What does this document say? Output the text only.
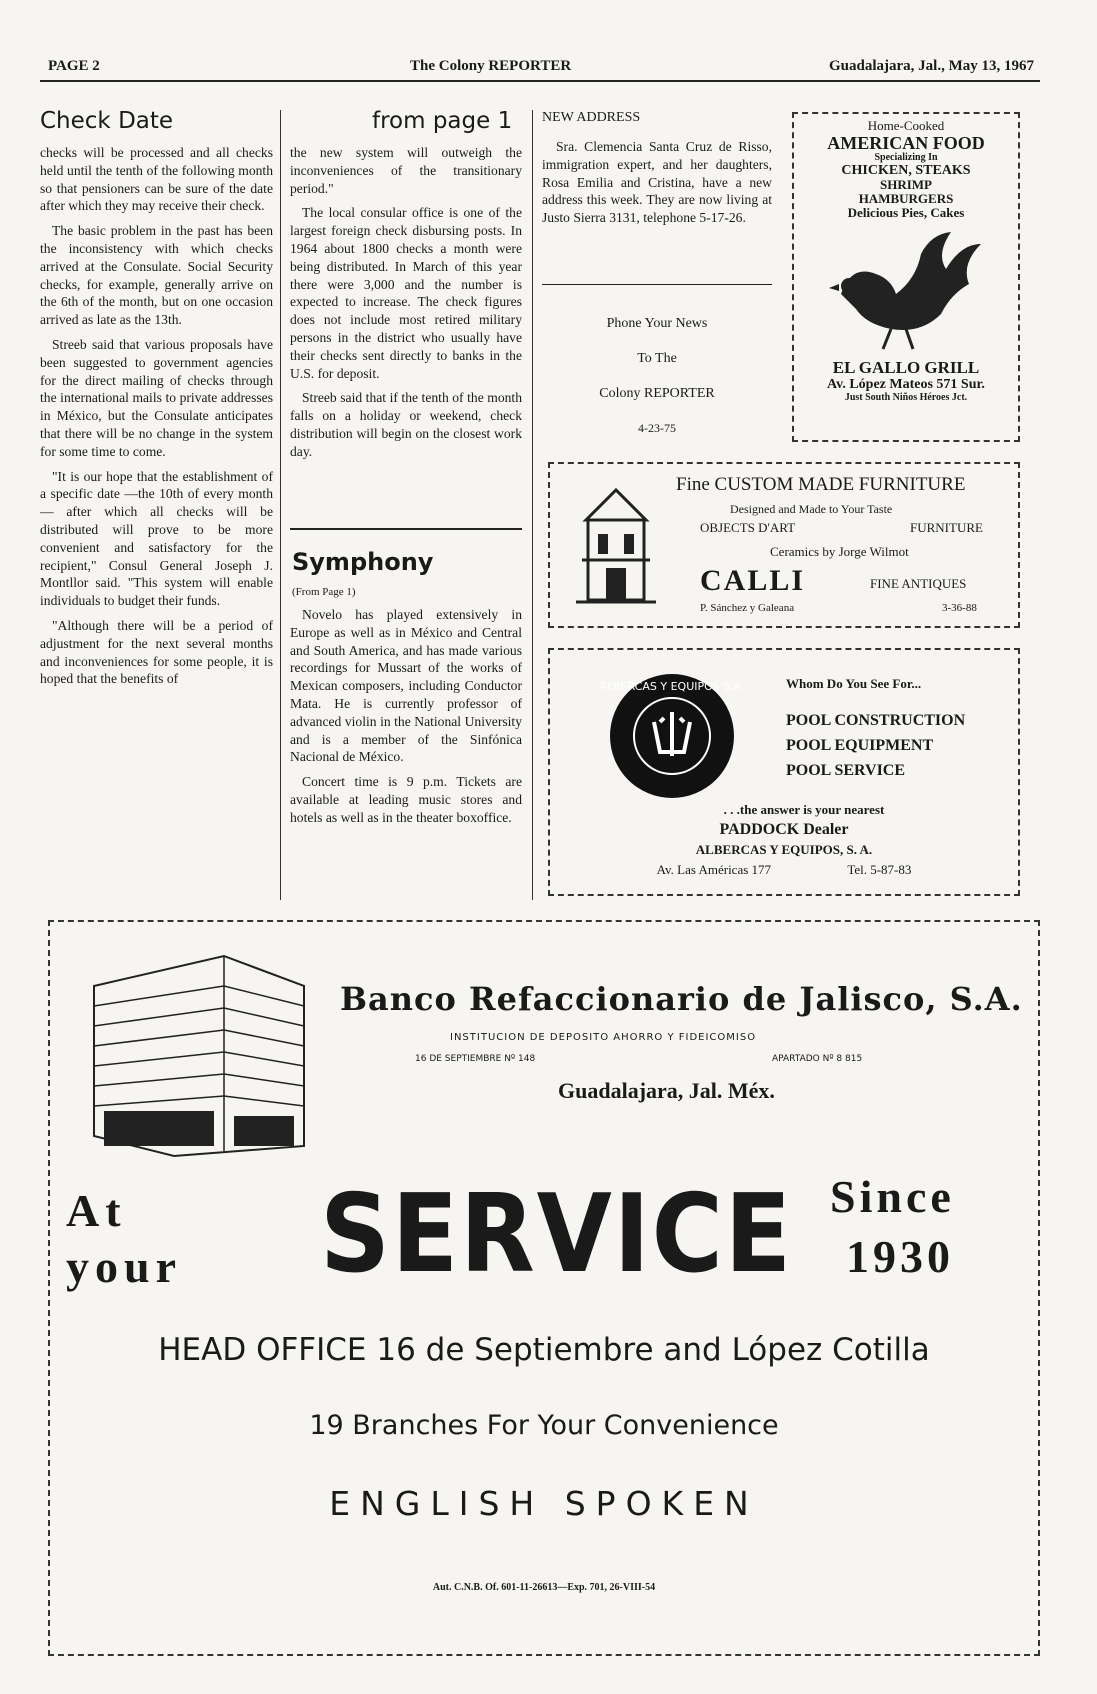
PAGE 2	The Colony REPORTER	Guadalajara, Jal., May 13, 1967
Check Date

checks will be processed and all checks held until the tenth of the following month so that pensioners can be sure of the date after which they may receive their check.

The basic problem in the past has been the inconsistency with which checks arrived at the Consulate. Social Security checks, for example, generally arrive on the 6th of the month, but on one occasion arrived as late as the 13th.

Streeb said that various proposals have been suggested to government agencies for the direct mailing of checks through the international mails to private addresses in México, but the Consulate anticipates that there will be no change in the system for some time to come.

"It is our hope that the establishment of a specific date —the 10th of every month— after which all checks will be distributed will prove to be more convenient and satisfactory for the recipient," Consul General Joseph J. Montllor said. "This system will enable individuals to budget their funds.

"Although there will be a period of adjustment for the next several months and inconveniences for some people, it is hoped that the benefits of

from page 1

the new system will outweigh the inconveniences of the transitionary period."

The local consular office is one of the largest foreign check disbursing posts. In 1964 about 1800 checks a month were being distributed. In March of this year there were 3,000 and the number is expected to increase. The check figures does not include most retired military persons in the district who usually have their checks sent directly to banks in the U.S. for deposit.

Streeb said that if the tenth of the month falls on a holiday or weekend, check distribution will begin on the closest work day.

Symphony
(From Page 1)

Novelo has played extensively in Europe as well as in México and Central and South America, and has made various recordings for Mussart of the works of Mexican composers, including Conductor Mata. He is currently professor of advanced violin in the National University and is a member of the Sinfónica Nacional de México.

Concert time is 9 p.m. Tickets are available at leading music stores and hotels as well as in the theater boxoffice.

NEW ADDRESS
Sra. Clemencia Santa Cruz de Risso, immigration expert, and her daughters, Rosa Emilia and Cristina, have a new address this week. They are now living at Justo Sierra 3131, telephone 5-17-26.
Phone Your News
To The
Colony REPORTER
4-23-75
Home-Cooked
AMERICAN FOOD
Specializing In
CHICKEN, STEAKS
SHRIMP
HAMBURGERS
Delicious Pies, Cakes
EL GALLO GRILL
Av. López Mateos 571 Sur.
Just South Niños Héroes Jct.
Fine CUSTOM MADE FURNITURE
Designed and Made to Your Taste
OBJECTS D'ART	FURNITURE
Ceramics by Jorge Wilmot
CALLI	FINE ANTIQUES
P. Sánchez y Galeana	3-36-88
ALBERCAS Y EQUIPOS S.A.	Whom Do You See For...
POOL CONSTRUCTION
POOL EQUIPMENT
POOL SERVICE
. . .the answer is your nearest
PADDOCK Dealer
ALBERCAS Y EQUIPOS, S. A.
Av. Las Américas 177	Tel. 5-87-83
Banco Refaccionario de Jalisco, S.A.
INSTITUCION DE DEPOSITO AHORRO Y FIDEICOMISO
16 DE SEPTIEMBRE Nº 148	APARTADO Nº 8 815
Guadalajara, Jal. Méx.
At
your SERVICE Since
1930
HEAD OFFICE 16 de Septiembre and López Cotilla
19 Branches For Your Convenience
ENGLISH SPOKEN
Aut. C.N.B. Of. 601-11-26613—Exp. 701, 26-VIII-54
